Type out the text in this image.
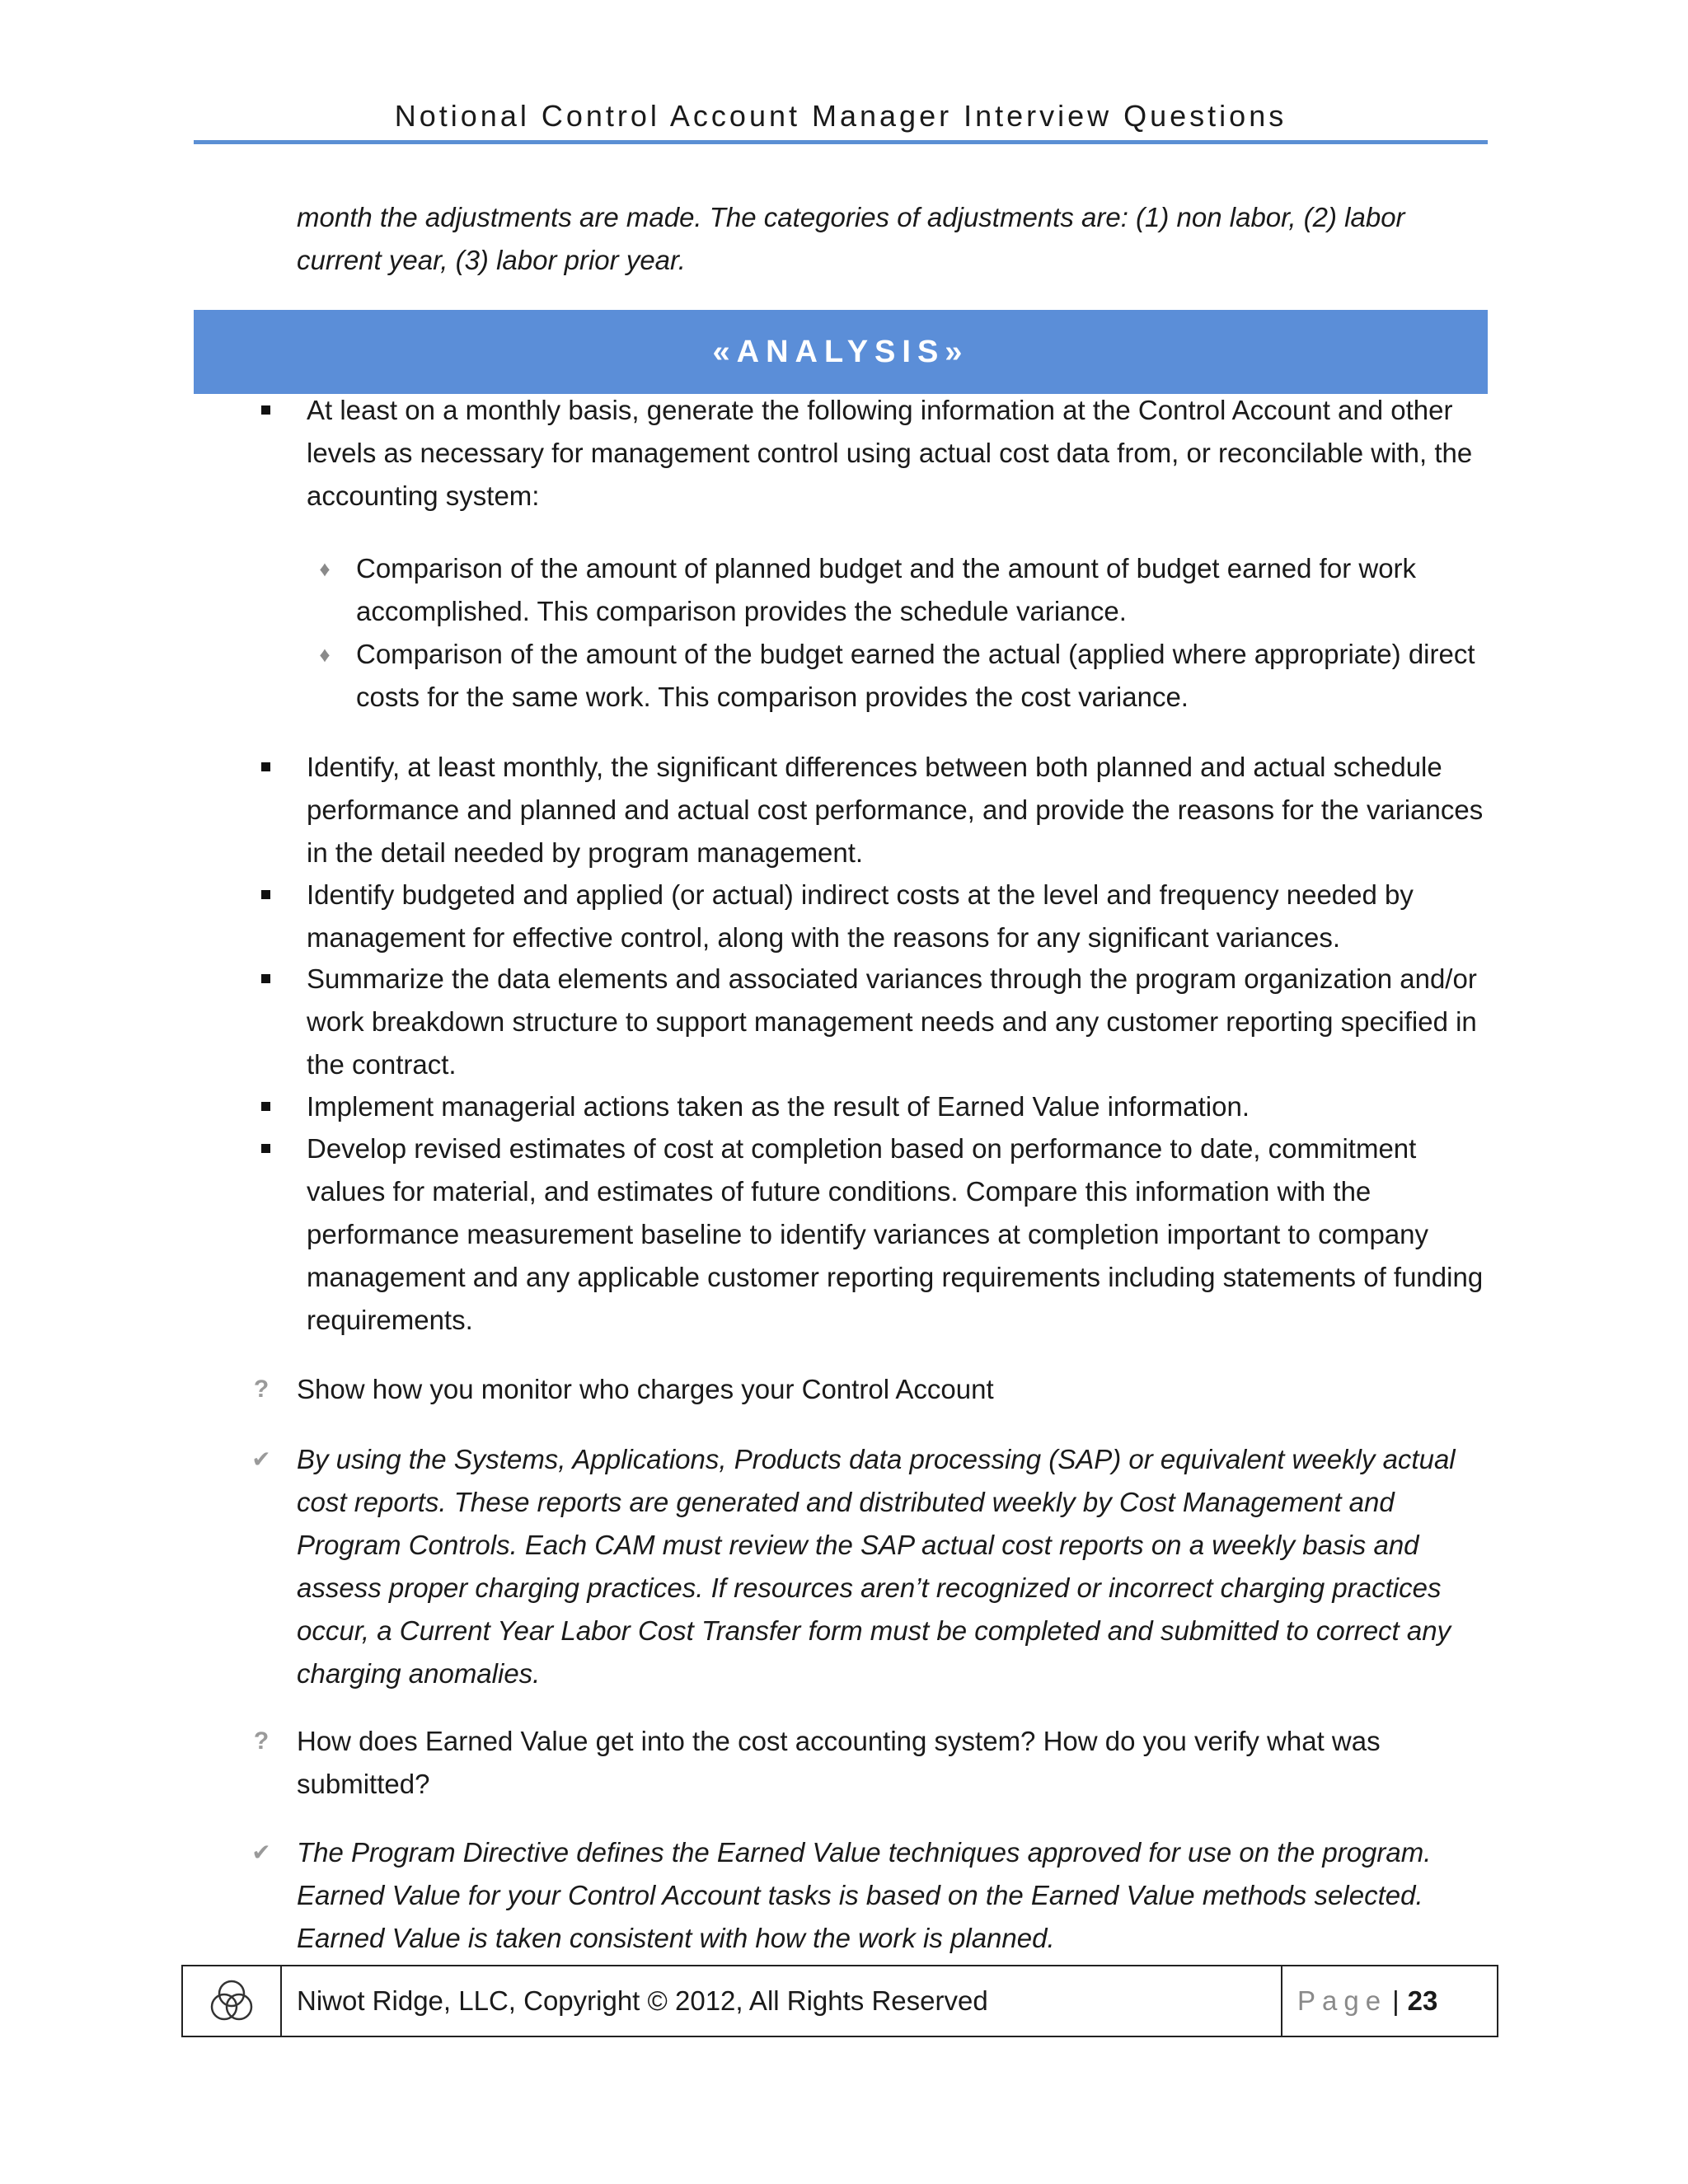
Notional Control Account Manager Interview Questions
month the adjustments are made. The categories of adjustments are: (1) non labor, (2) labor current year, (3) labor prior year.
«ANALYSIS»
At least on a monthly basis, generate the following information at the Control Account and other levels as necessary for management control using actual cost data from, or reconcilable with, the accounting system:
♦ Comparison of the amount of planned budget and the amount of budget earned for work accomplished. This comparison provides the schedule variance.
♦ Comparison of the amount of the budget earned the actual (applied where appropriate) direct costs for the same work. This comparison provides the cost variance.
Identify, at least monthly, the significant differences between both planned and actual schedule performance and planned and actual cost performance, and provide the reasons for the variances in the detail needed by program management.
Identify budgeted and applied (or actual) indirect costs at the level and frequency needed by management for effective control, along with the reasons for any significant variances.
Summarize the data elements and associated variances through the program organization and/or work breakdown structure to support management needs and any customer reporting specified in the contract.
Implement managerial actions taken as the result of Earned Value information.
Develop revised estimates of cost at completion based on performance to date, commitment values for material, and estimates of future conditions. Compare this information with the performance measurement baseline to identify variances at completion important to company management and any applicable customer reporting requirements including statements of funding requirements.
? Show how you monitor who charges your Control Account
✔ By using the Systems, Applications, Products data processing (SAP) or equivalent weekly actual cost reports. These reports are generated and distributed weekly by Cost Management and Program Controls. Each CAM must review the SAP actual cost reports on a weekly basis and assess proper charging practices. If resources aren’t recognized or incorrect charging practices occur, a Current Year Labor Cost Transfer form must be completed and submitted to correct any charging anomalies.
? How does Earned Value get into the cost accounting system? How do you verify what was submitted?
✔ The Program Directive defines the Earned Value techniques approved for use on the program. Earned Value for your Control Account tasks is based on the Earned Value methods selected. Earned Value is taken consistent with how the work is planned.
Niwot Ridge, LLC, Copyright © 2012, All Rights Reserved	Page | 23
